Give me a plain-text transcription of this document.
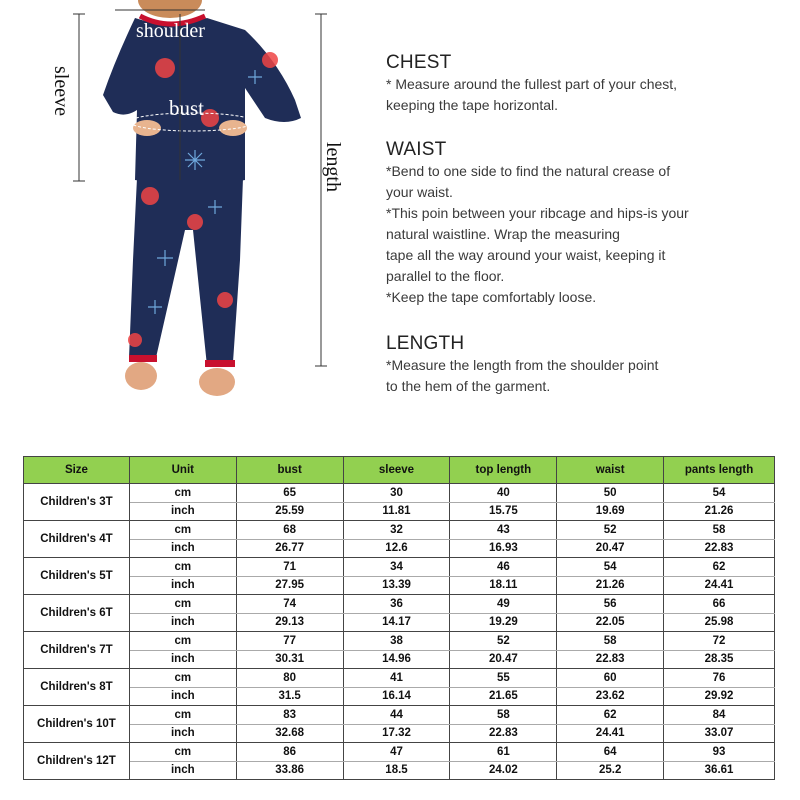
shoulder
bust
sleeve
length
CHEST

* Measure around the fullest part of your chest,

keeping the tape horizontal.

WAIST

*Bend to one side to find the natural crease of

your waist.

*This poin between your ribcage and hips-is your

natural waistline. Wrap the measuring

tape all the way around your waist, keeping it

parallel to the floor.

*Keep the tape comfortably loose.

LENGTH

*Measure the length from the shoulder point

to the hem of the garment.

Size	Unit	bust	sleeve	top length	waist	pants length
Children's 3T	cm	65	30	40	50	54
	inch	25.59	11.81	15.75	19.69	21.26
Children's 4T	cm	68	32	43	52	58
	inch	26.77	12.6	16.93	20.47	22.83
Children's 5T	cm	71	34	46	54	62
	inch	27.95	13.39	18.11	21.26	24.41
Children's 6T	cm	74	36	49	56	66
	inch	29.13	14.17	19.29	22.05	25.98
Children's 7T	cm	77	38	52	58	72
	inch	30.31	14.96	20.47	22.83	28.35
Children's 8T	cm	80	41	55	60	76
	inch	31.5	16.14	21.65	23.62	29.92
Children's 10T	cm	83	44	58	62	84
	inch	32.68	17.32	22.83	24.41	33.07
Children's 12T	cm	86	47	61	64	93
	inch	33.86	18.5	24.02	25.2	36.61
